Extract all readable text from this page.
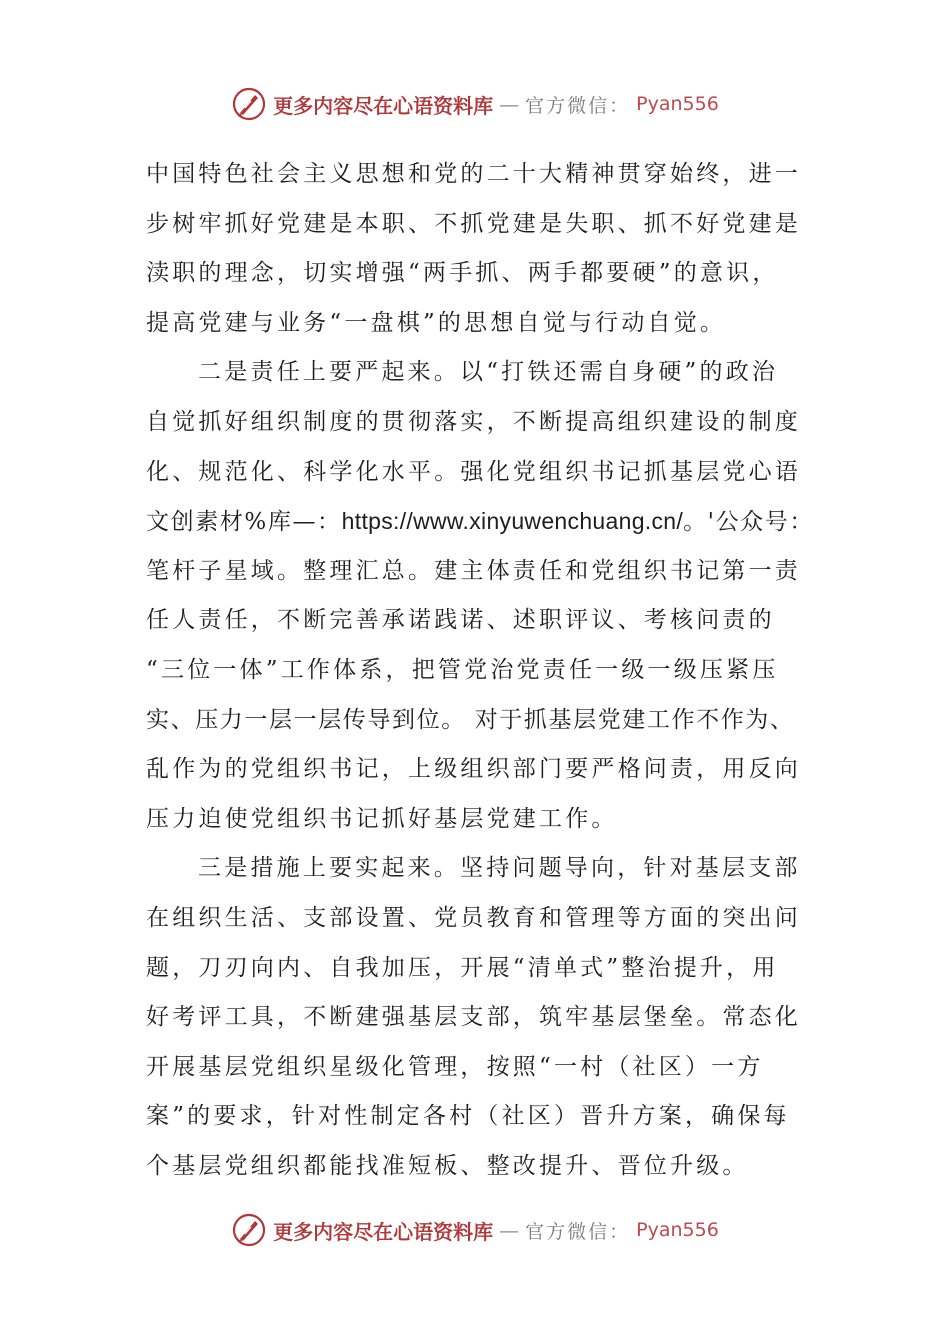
更多内容尽在心语资料库 — 官方微信： Pyan556
中国特色社会主义思想和党的二十大精神贯穿始终，进一
步树牢抓好党建是本职、不抓党建是失职、抓不好党建是
渎职的理念，切实增强“两手抓、两手都要硬”的意识，
提高党建与业务“一盘棋”的思想自觉与行动自觉。
二是责任上要严起来。以“打铁还需自身硬”的政治
自觉抓好组织制度的贯彻落实，不断提高组织建设的制度
化、规范化、科学化水平。强化党组织书记抓基层党心语
文创素材%库—：https://www.xinyuwenchuang.cn/。'公众号：
笔杆子星域。整理汇总。建主体责任和党组织书记第一责
任人责任，不断完善承诺践诺、述职评议、考核问责的
“三位一体”工作体系，把管党治党责任一级一级压紧压
实、压力一层一层传导到位。 对于抓基层党建工作不作为、
乱作为的党组织书记，上级组织部门要严格问责，用反向
压力迫使党组织书记抓好基层党建工作。
三是措施上要实起来。坚持问题导向，针对基层支部
在组织生活、支部设置、党员教育和管理等方面的突出问
题，刀刃向内、自我加压，开展“清单式”整治提升，用
好考评工具，不断建强基层支部，筑牢基层堡垒。常态化
开展基层党组织星级化管理，按照“一村（社区）一方
案”的要求，针对性制定各村（社区）晋升方案，确保每
个基层党组织都能找准短板、整改提升、晋位升级。
更多内容尽在心语资料库 — 官方微信： Pyan556
